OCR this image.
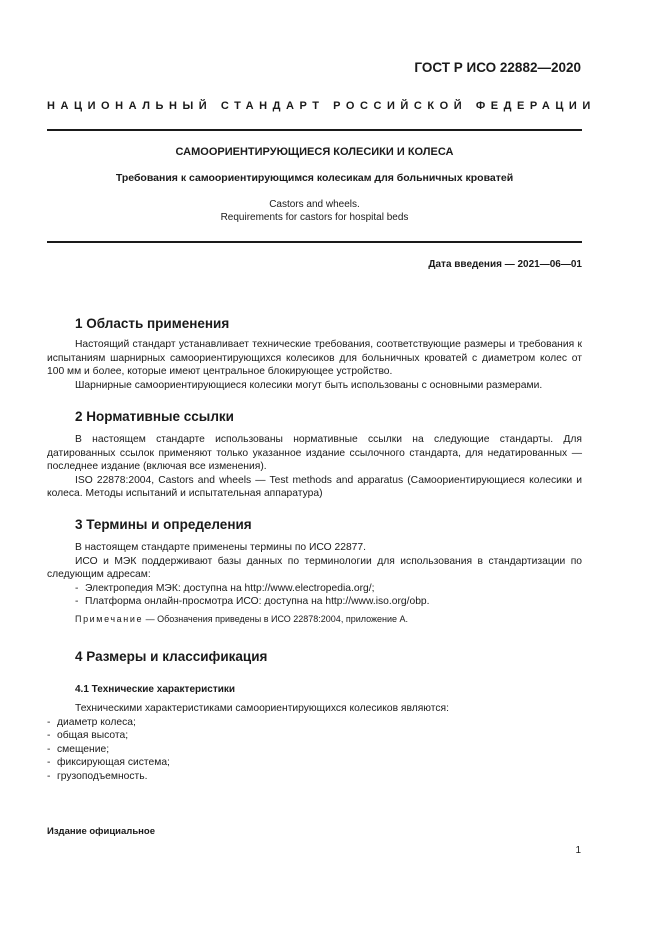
ГОСТ Р ИСО 22882—2020
НАЦИОНАЛЬНЫЙ СТАНДАРТ РОССИЙСКОЙ ФЕДЕРАЦИИ
САМООРИЕНТИРУЮЩИЕСЯ КОЛЕСИКИ И КОЛЕСА
Требования к самоориентирующимся колесикам для больничных кроватей
Castors and wheels.
Requirements for castors for hospital beds
Дата введения — 2021—06—01
1 Область применения

Настоящий стандарт устанавливает технические требования, соответствующие размеры и требования к испытаниям шарнирных самоориентирующихся колесиков для больничных кроватей с диаметром колес от 100 мм и более, которые имеют центральное блокирующее устройство.

Шарнирные самоориентирующиеся колесики могут быть использованы с основными размерами.

2 Нормативные ссылки

В настоящем стандарте использованы нормативные ссылки на следующие стандарты. Для датированных ссылок применяют только указанное издание ссылочного стандарта, для недатированных — последнее издание (включая все изменения).

ISO 22878:2004, Castors and wheels — Test methods and apparatus (Самоориентирующиеся колесики и колеса. Методы испытаний и испытательная аппаратура)

3 Термины и определения

В настоящем стандарте применены термины по ИСО 22877.

ИСО и МЭК поддерживают базы данных по терминологии для использования в стандартизации по следующим адресам:

- Электропедия МЭК: доступна на http://www.electropedia.org/;
- Платформа онлайн-просмотра ИСО: доступна на http://www.iso.org/obp.
Примечание — Обозначения приведены в ИСО 22878:2004, приложение А.
4 Размеры и классификация
4.1 Технические характеристики

Техническими характеристиками самоориентирующихся колесиков являются:

- диаметр колеса;
- общая высота;
- смещение;
- фиксирующая система;
- грузоподъемность.
Издание официальное
1
